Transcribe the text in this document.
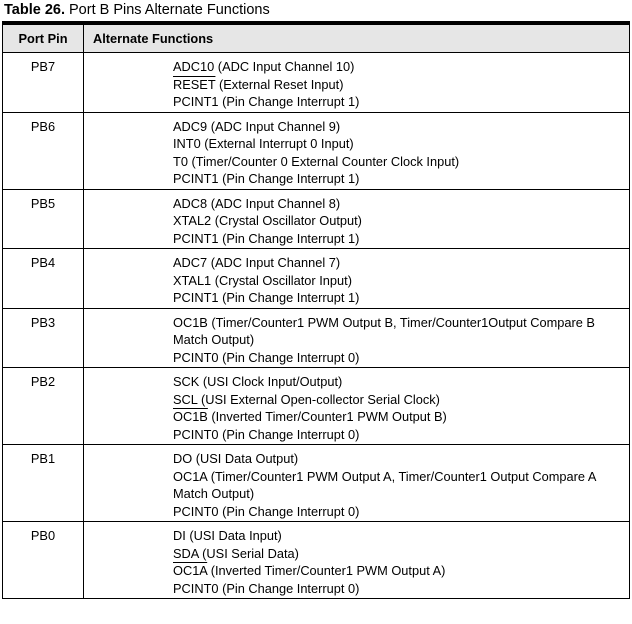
Table 26. Port B Pins Alternate Functions
Port Pin	Alternate Functions
PB7	ADC10 (ADC Input Channel 10)
RESET (External Reset Input)
PCINT1 (Pin Change Interrupt 1)

PB6	ADC9 (ADC Input Channel 9)
INT0 (External Interrupt 0 Input)
T0 (Timer/Counter 0 External Counter Clock Input)
PCINT1 (Pin Change Interrupt 1)

PB5	ADC8 (ADC Input Channel 8)
XTAL2 (Crystal Oscillator Output)
PCINT1 (Pin Change Interrupt 1)

PB4	ADC7 (ADC Input Channel 7)
XTAL1 (Crystal Oscillator Input)
PCINT1 (Pin Change Interrupt 1)

PB3	OC1B (Timer/Counter1 PWM Output B, Timer/Counter1Output Compare B Match Output)
PCINT0 (Pin Change Interrupt 0)

PB2	SCK (USI Clock Input/Output)
SCL (USI External Open-collector Serial Clock)
OC1B (Inverted Timer/Counter1 PWM Output B)
PCINT0 (Pin Change Interrupt 0)

PB1	DO (USI Data Output)
OC1A (Timer/Counter1 PWM Output A, Timer/Counter1 Output Compare A Match Output)
PCINT0 (Pin Change Interrupt 0)

PB0	DI (USI Data Input)
SDA (USI Serial Data)
OC1A (Inverted Timer/Counter1 PWM Output A)
PCINT0 (Pin Change Interrupt 0)
